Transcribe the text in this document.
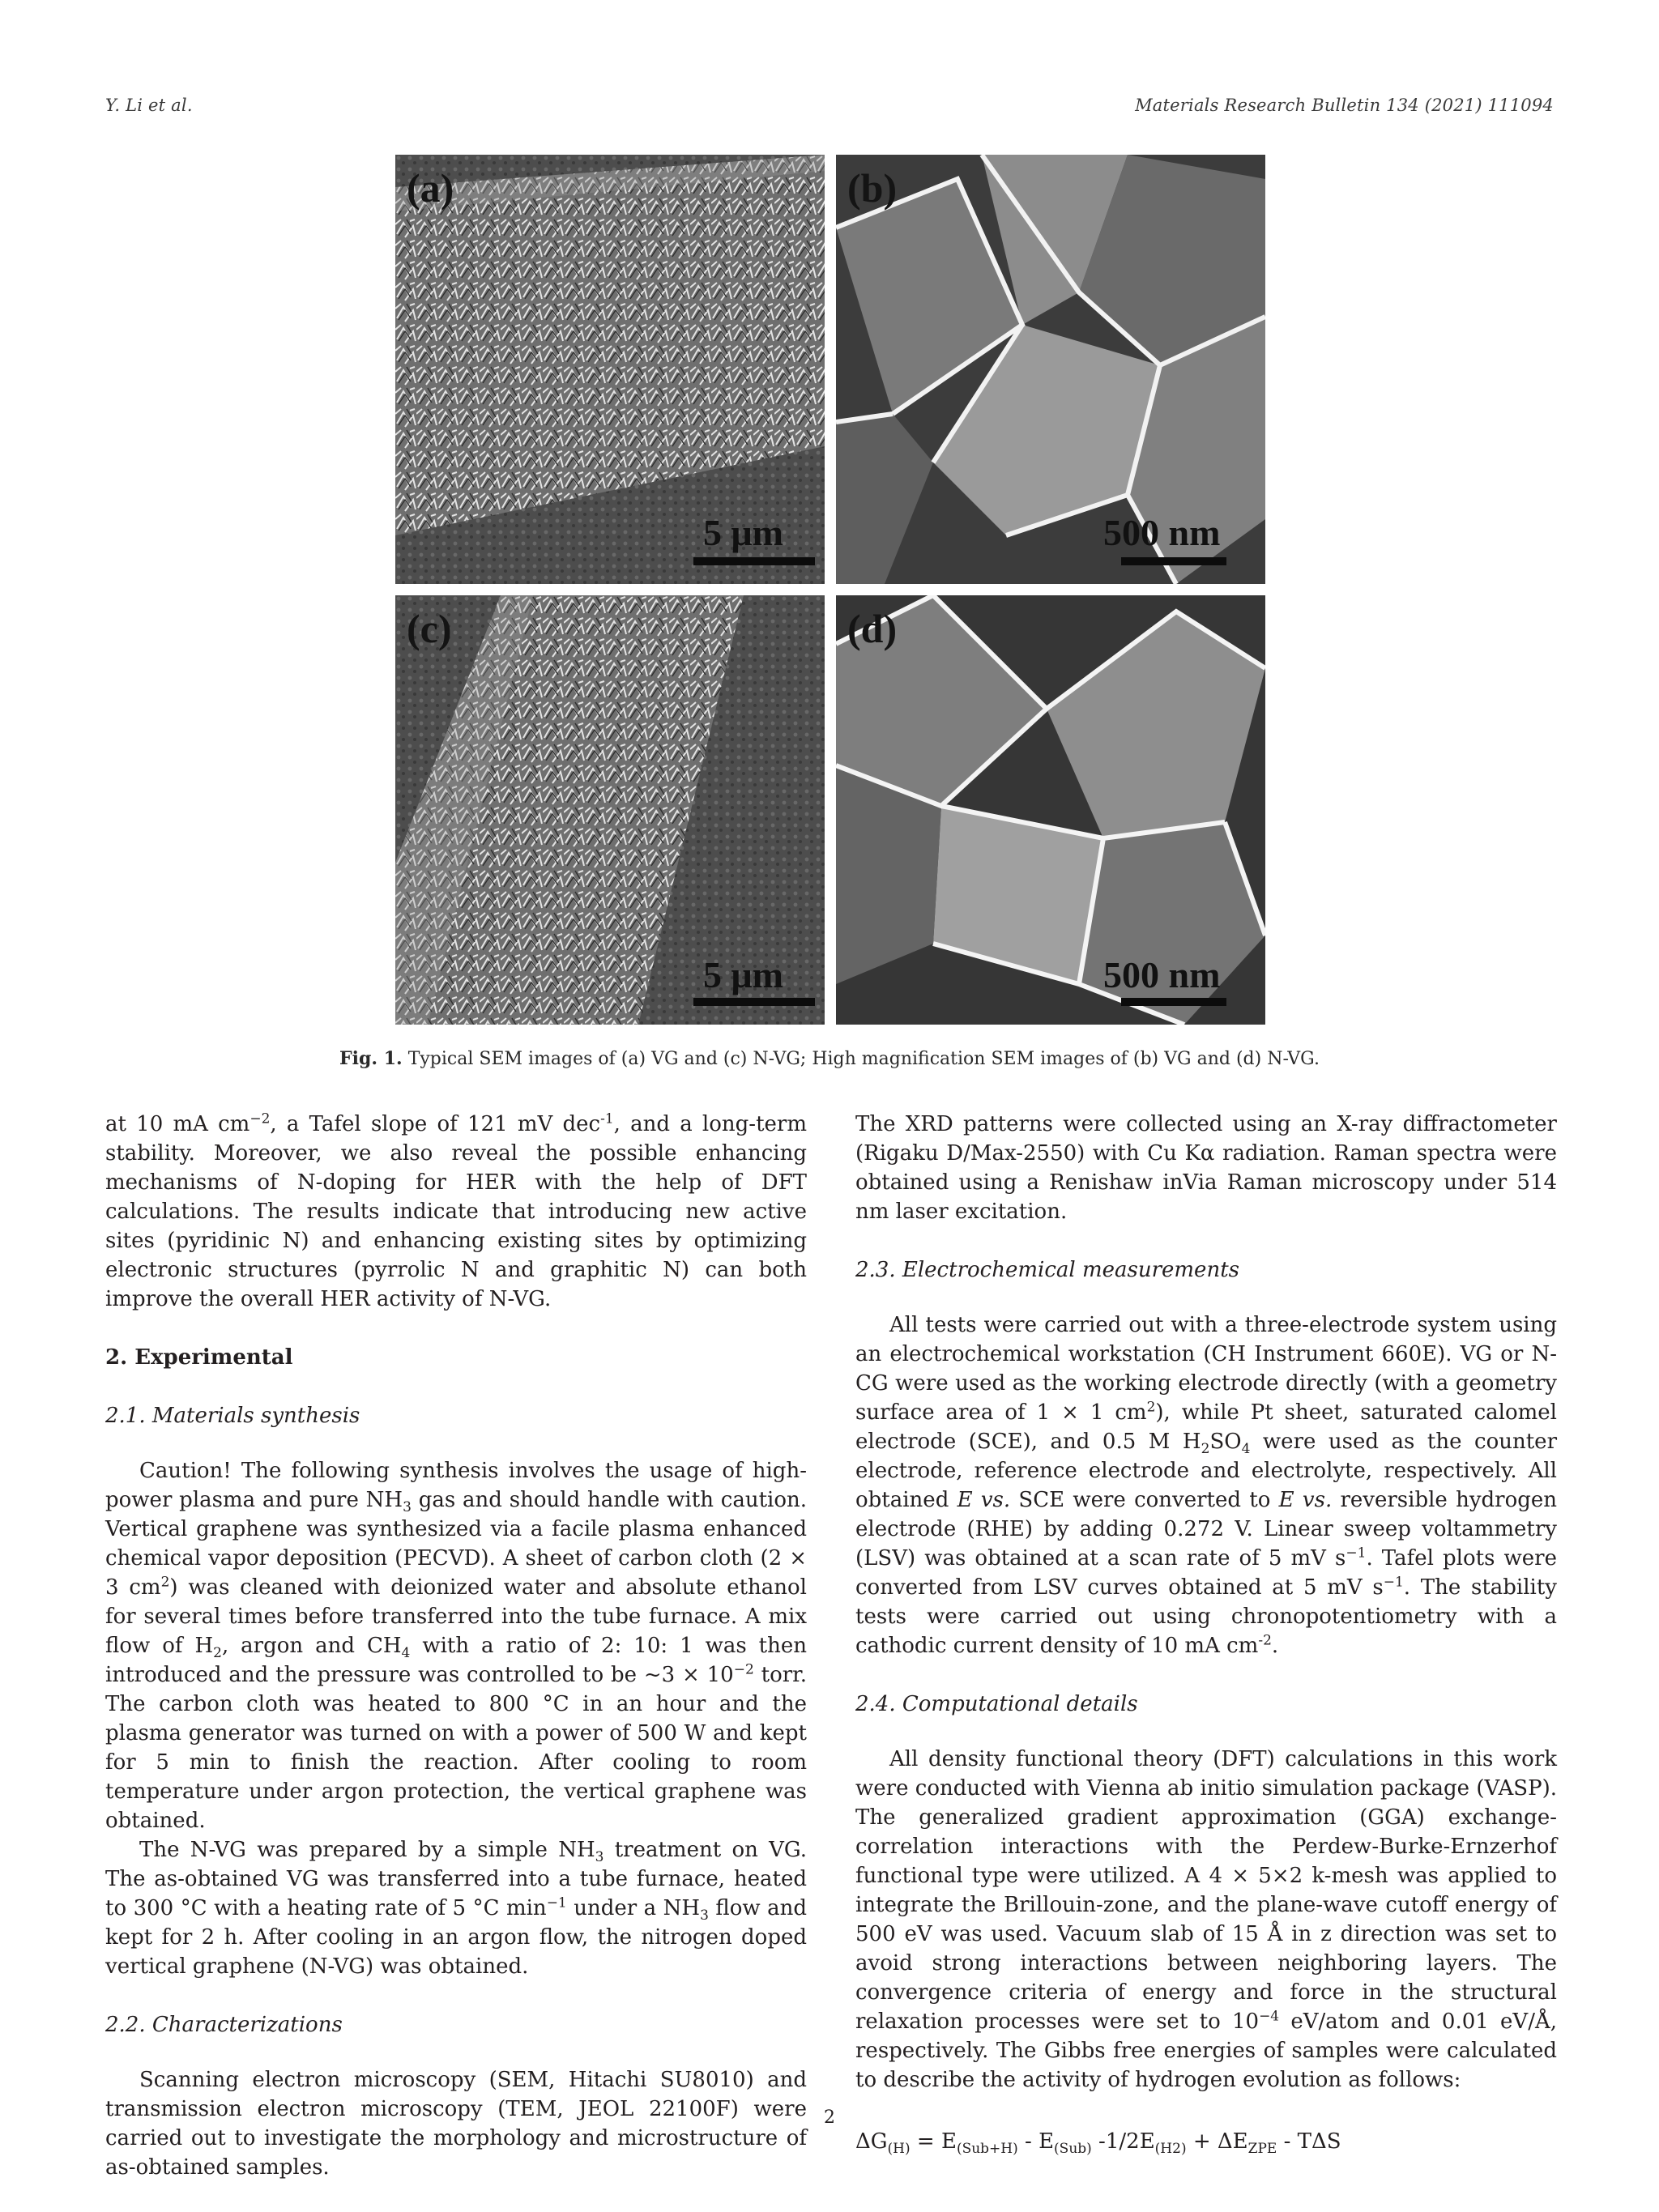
Y. Li et al.	Materials Research Bulletin 134 (2021) 111094
(a)
5 μm
(b)
500 nm
(c)
5 μm
(d)
500 nm
Fig. 1. Typical SEM images of (a) VG and (c) N-VG; High magnification SEM images of (b) VG and (d) N-VG.

at 10 mA $cm^{-2}$, a Tafel slope of 121 mV dec$^{-1}$, and a long-term stability. Moreover, we also reveal the possible enhancing mechanisms of N-doping for HER with the help of DFT calculations. The results indicate that introducing new active sites (pyridinic N) and enhancing existing sites by optimizing electronic structures (pyrrolic N and graphitic N) can both improve the overall HER activity of N-VG.

2. Experimental

2.1. Materials synthesis

Caution! The following synthesis involves the usage of high-power plasma and pure $NH_3$ gas and should handle with caution. Vertical graphene was synthesized via a facile plasma enhanced chemical vapor deposition (PECVD). A sheet of carbon cloth (2 × 3 $cm^2$) was cleaned with deionized water and absolute ethanol for several times before transferred into the tube furnace. A mix flow of $H_2$, argon and $CH_4$ with a ratio of 2: 10: 1 was then introduced and the pressure was controlled to be ~3 × $10^{-2}$ torr. The carbon cloth was heated to 800 °C in an hour and the plasma generator was turned on with a power of 500 W and kept for 5 min to finish the reaction. After cooling to room temperature under argon protection, the vertical graphene was obtained.

The N-VG was prepared by a simple $NH_3$ treatment on VG. The as-obtained VG was transferred into a tube furnace, heated to 300 °C with a heating rate of 5 °C $\min^{-1}$ under a $NH_3$ flow and kept for 2 h. After cooling in an argon flow, the nitrogen doped vertical graphene (N-VG) was obtained.

2.2. Characterizations

Scanning electron microscopy (SEM, Hitachi SU8010) and transmission electron microscopy (TEM, JEOL 22100F) were carried out to investigate the morphology and microstructure of as-obtained samples.

The XRD patterns were collected using an X-ray diffractometer (Rigaku D/Max-2550) with Cu Kα radiation. Raman spectra were obtained using a Renishaw inVia Raman microscopy under 514 nm laser excitation.

2.3. Electrochemical measurements

All tests were carried out with a three-electrode system using an electrochemical workstation (CH Instrument 660E). VG or N-CG were used as the working electrode directly (with a geometry surface area of 1 × 1 $cm^2$), while Pt sheet, saturated calomel electrode (SCE), and 0.5 M $H_2SO_4$ were used as the counter electrode, reference electrode and electrolyte, respectively. All obtained E vs. SCE were converted to E vs. reversible hydrogen electrode (RHE) by adding 0.272 V. Linear sweep voltammetry (LSV) was obtained at a scan rate of 5 mV $s^{-1}$. Tafel plots were converted from LSV curves obtained at 5 mV $s^{-1}$. The stability tests were carried out using chronopotentiometry with a cathodic current density of 10 mA $cm^{-2}$.

2.4. Computational details

All density functional theory (DFT) calculations in this work were conducted with Vienna ab initio simulation package (VASP). The generalized gradient approximation (GGA) exchange-correlation interactions with the Perdew-Burke-Ernzerhof functional type were utilized. A 4 × 5×2 k-mesh was applied to integrate the Brillouin-zone, and the plane-wave cutoff energy of 500 eV was used. Vacuum slab of 15 Å in z direction was set to avoid strong interactions between neighboring layers. The convergence criteria of energy and force in the structural relaxation processes were set to $10^{-4}$ eV/atom and 0.01 eV/Å, respectively. The Gibbs free energies of samples were calculated to describe the activity of hydrogen evolution as follows:

$\Delta G_{(H)} = E_{(Sub+H)} - E_{(Sub)}$ $-1/2E_{(H2)} + \Delta E_{ZPE} - T\Delta S$

2
